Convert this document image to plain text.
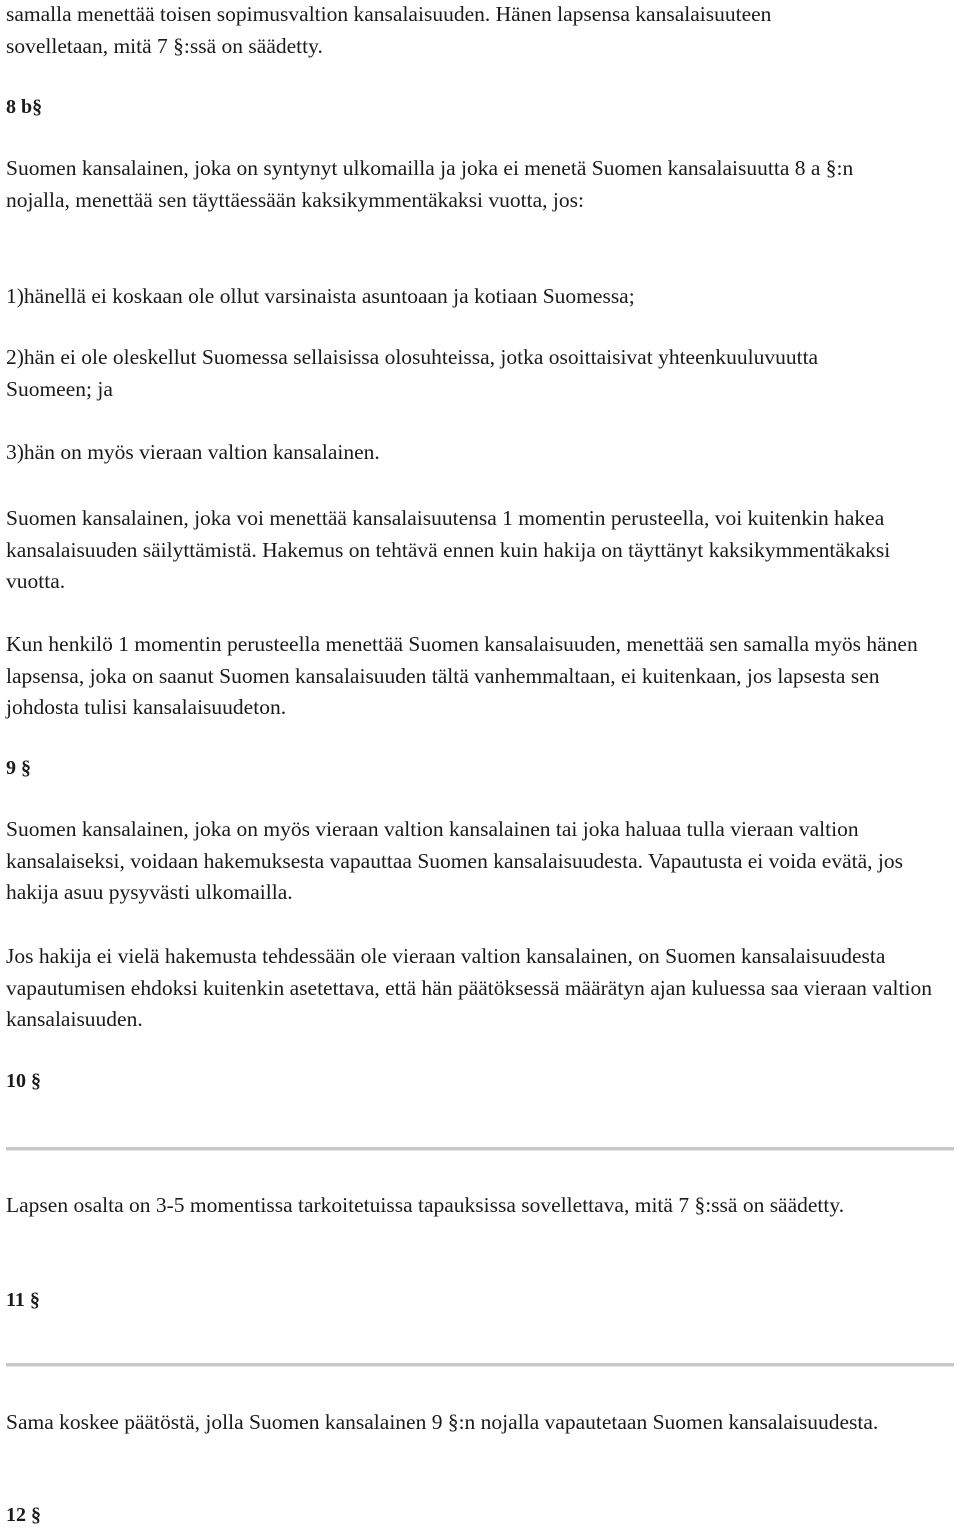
samalla menettää toisen sopimusvaltion kansalaisuuden. Hänen lapsensa kansalaisuuteen sovelletaan, mitä 7 §:ssä on säädetty.

8 b§

Suomen kansalainen, joka on syntynyt ulkomailla ja joka ei menetä Suomen kansalaisuutta 8 a §:n nojalla, menettää sen täyttäessään kaksikymmentäkaksi vuotta, jos:

1)hänellä ei koskaan ole ollut varsinaista asuntoaan ja kotiaan Suomessa;

2)hän ei ole oleskellut Suomessa sellaisissa olosuhteissa, jotka osoittaisivat yhteenkuuluvuutta Suomeen; ja

3)hän on myös vieraan valtion kansalainen.

Suomen kansalainen, joka voi menettää kansalaisuutensa 1 momentin perusteella, voi kuitenkin hakea kansalaisuuden säilyttämistä. Hakemus on tehtävä ennen kuin hakija on täyttänyt kaksikymmentäkaksi vuotta.

Kun henkilö 1 momentin perusteella menettää Suomen kansalaisuuden, menettää sen samalla myös hänen lapsensa, joka on saanut Suomen kansalaisuuden tältä vanhemmaltaan, ei kuitenkaan, jos lapsesta sen johdosta tulisi kansalaisuudeton.

9 §

Suomen kansalainen, joka on myös vieraan valtion kansalainen tai joka haluaa tulla vieraan valtion kansalaiseksi, voidaan hakemuksesta vapauttaa Suomen kansalaisuudesta. Vapautusta ei voida evätä, jos hakija asuu pysyvästi ulkomailla.

Jos hakija ei vielä hakemusta tehdessään ole vieraan valtion kansalainen, on Suomen kansalaisuudesta vapautumisen ehdoksi kuitenkin asetettava, että hän päätöksessä määrätyn ajan kuluessa saa vieraan valtion kansalaisuuden.

10 §

Lapsen osalta on 3-5 momentissa tarkoitetuissa tapauksissa sovellettava, mitä 7 §:ssä on säädetty.

11 §

Sama koskee päätöstä, jolla Suomen kansalainen 9 §:n nojalla vapautetaan Suomen kansalaisuudesta.

12 §
